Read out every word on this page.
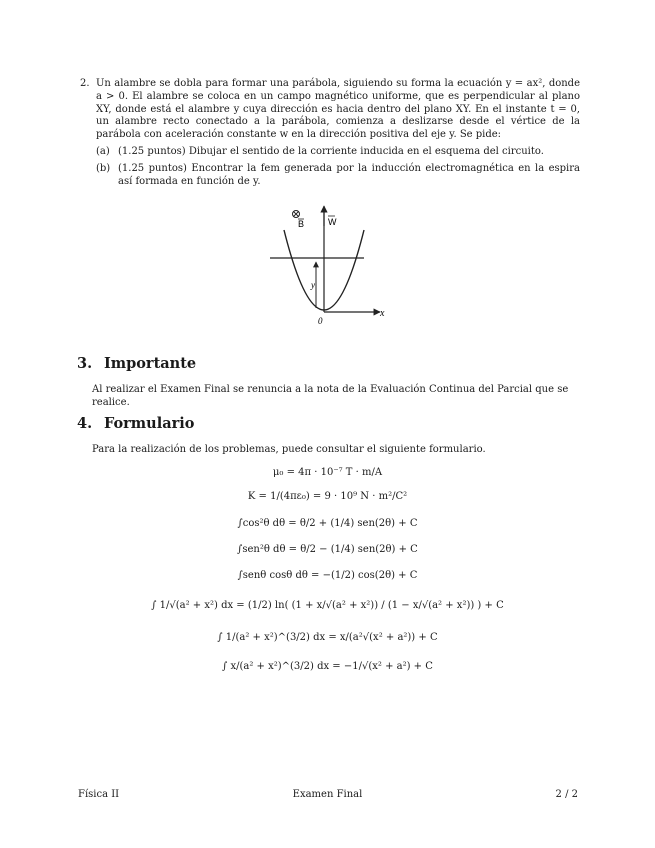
2. Un alambre se dobla para formar una parábola, siguiendo su forma la ecuación y = ax², donde a > 0. El alambre se coloca en un campo magnético uniforme, que es perpendicular al plano XY, donde está el alambre y cuya dirección es hacia dentro del plano XY. En el instante t = 0, un alambre recto conectado a la parábola, comienza a deslizarse desde el vértice de la parábola con aceleración constante w en la dirección positiva del eje y. Se pide:
(a) (1.25 puntos) Dibujar el sentido de la corriente inducida en el esquema del circuito.
(b) (1.25 puntos) Encontrar la fem generada por la inducción electromagnética en la espira así formada en función de y.
B	W
y
0
x
3. Importante
Al realizar el Examen Final se renuncia a la nota de la Evaluación Continua del Parcial que se realice.
4. Formulario
Para la realización de los problemas, puede consultar el siguiente formulario.
μ₀ = 4π · 10⁻⁷ T · m/A
K = 1/(4πε₀) = 9 · 10⁹ N · m²/C²
∫cos²θ dθ = θ/2 + (1/4) sen(2θ) + C
∫sen²θ dθ = θ/2 − (1/4) sen(2θ) + C
∫senθ cosθ dθ = −(1/2) cos(2θ) + C
∫ 1/√(a² + x²) dx = (1/2) ln( (1 + x/√(a² + x²)) / (1 − x/√(a² + x²)) ) + C
∫ 1/(a² + x²)^(3/2) dx = x/(a²√(x² + a²)) + C
∫ x/(a² + x²)^(3/2) dx = −1/√(x² + a²) + C
Física II	Examen Final	2 / 2
